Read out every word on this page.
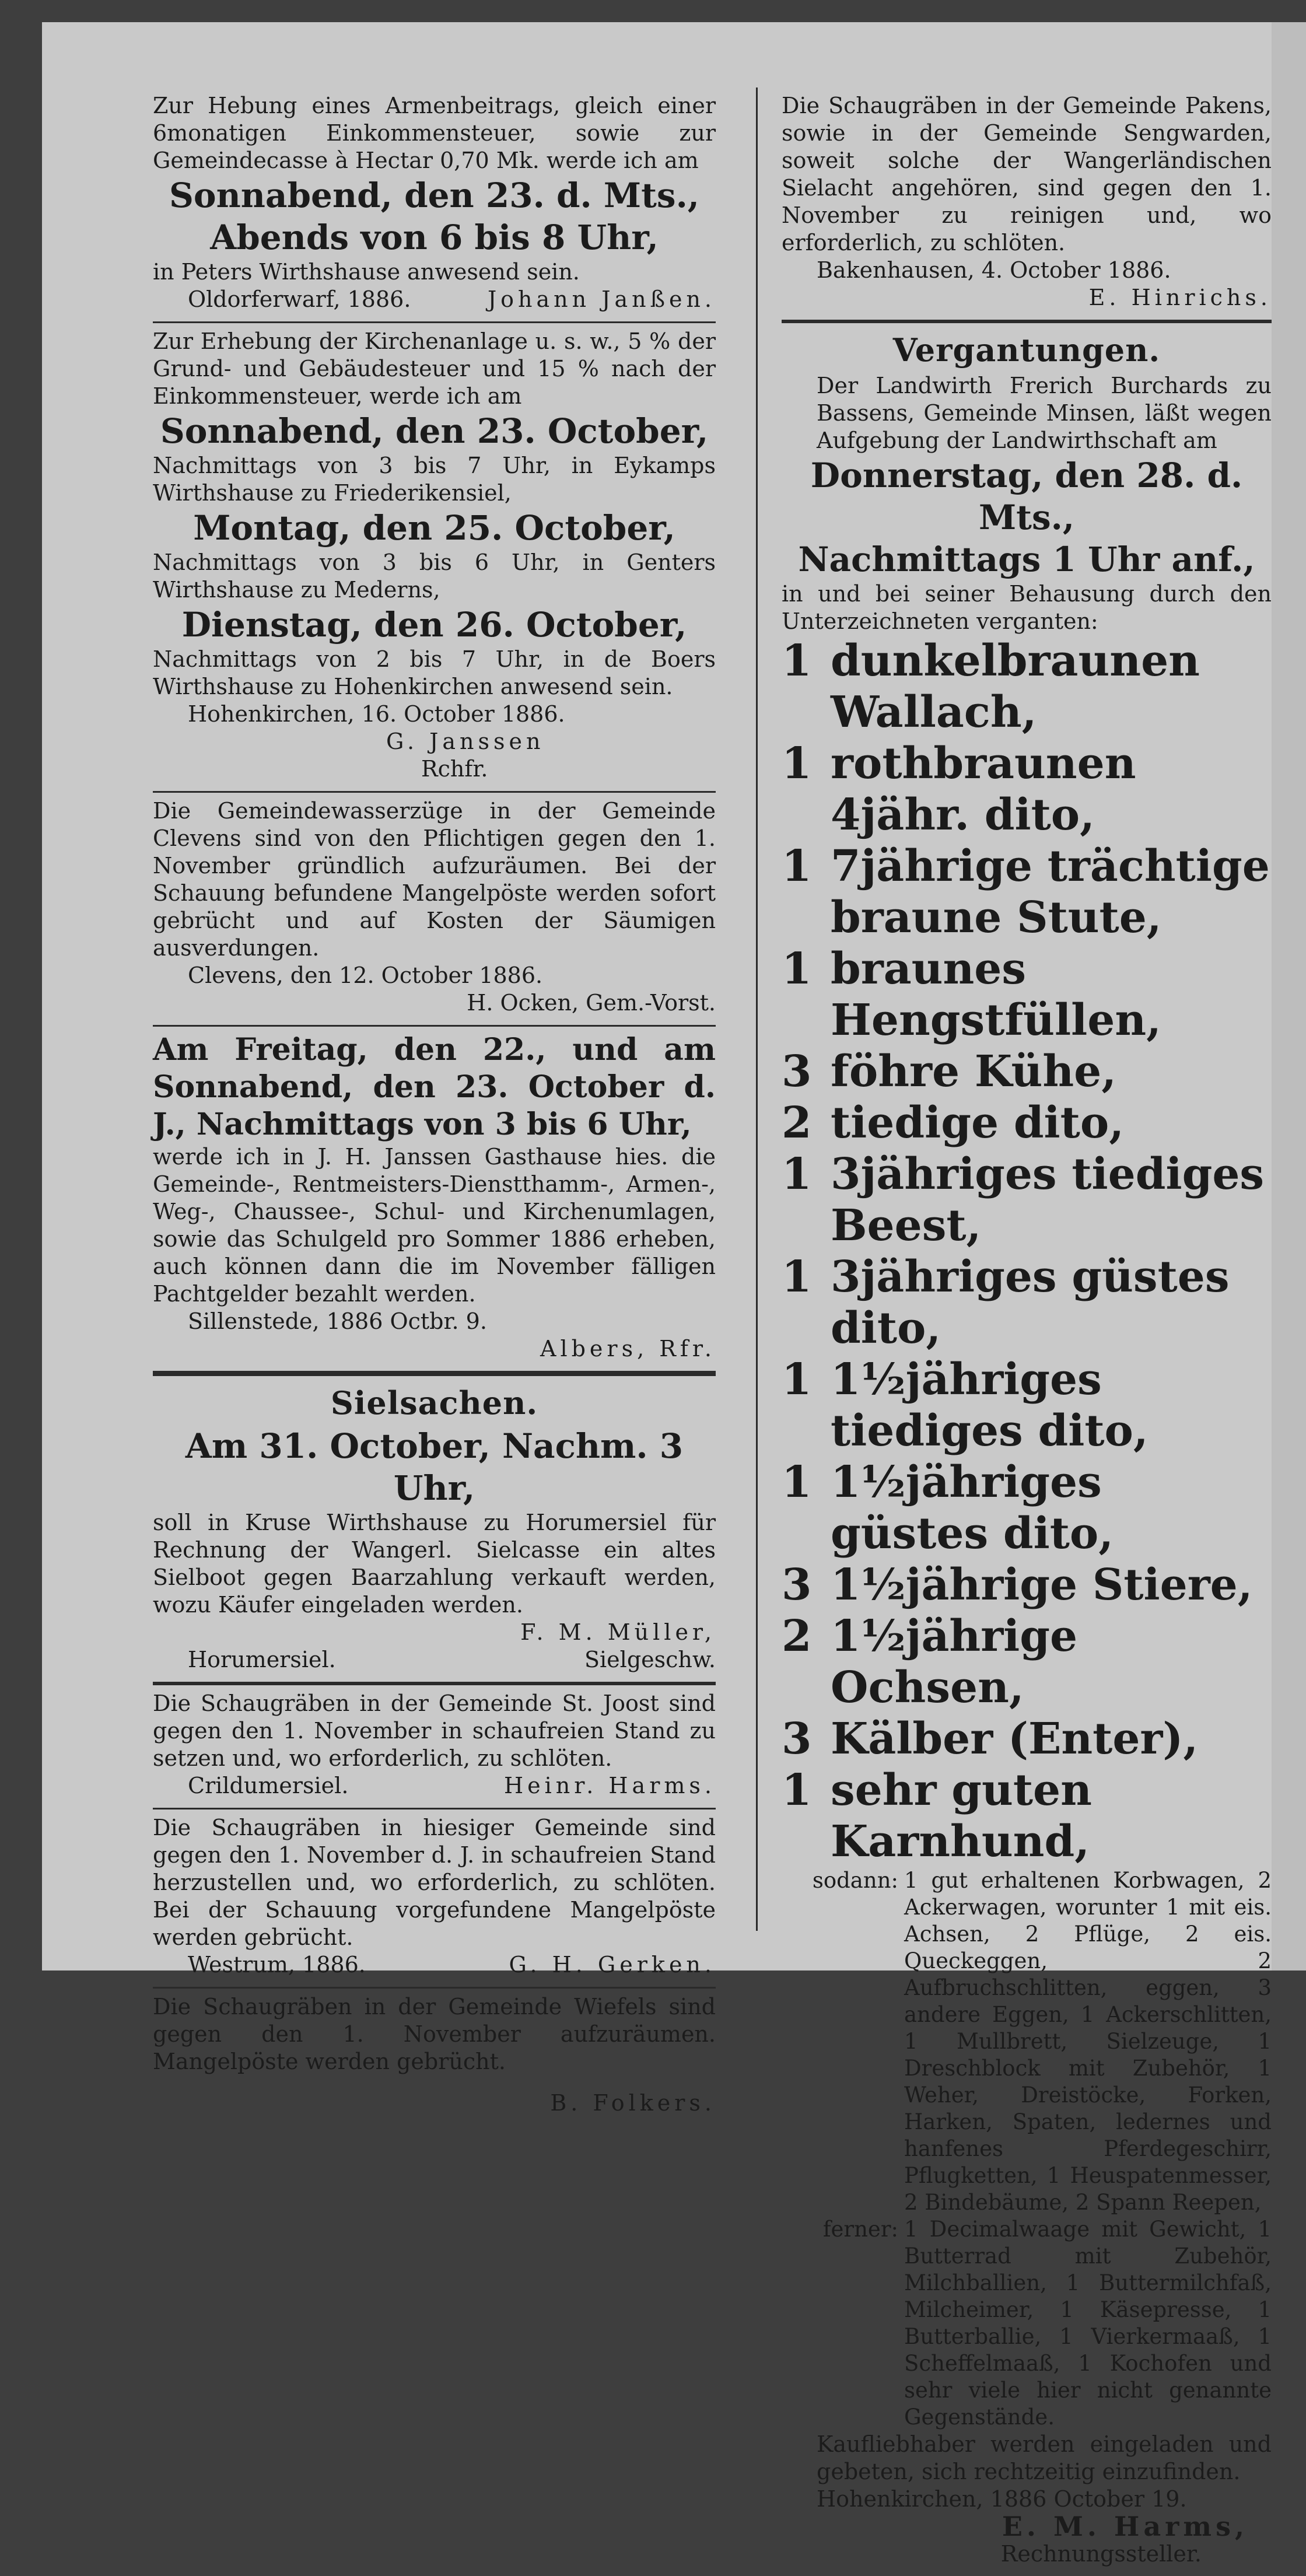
Zur Hebung eines Armenbeitrags, gleich einer 6monatigen Einkommensteuer, sowie zur Gemeindecasse à Hectar 0,70 Mk. werde ich am

Sonnabend, den 23. d. Mts.,
Abends von 6 bis 8 Uhr,

in Peters Wirthshause anwesend sein.

Oldorferwarf, 1886.	Johann Janßen.

Zur Erhebung der Kirchenanlage u. s. w., 5 % der Grund- und Gebäudesteuer und 15 % nach der Einkommensteuer, werde ich am

Sonnabend, den 23. October,

Nachmittags von 3 bis 7 Uhr, in Eykamps Wirthshause zu Friederikensiel,

Montag, den 25. October,

Nachmittags von 3 bis 6 Uhr, in Genters Wirthshause zu Mederns,

Dienstag, den 26. October,

Nachmittags von 2 bis 7 Uhr, in de Boers Wirthshause zu Hohenkirchen anwesend sein.

Hohenkirchen, 16. October 1886.

G. Janssen

Rchfr.

Die Gemeindewasserzüge in der Gemeinde Clevens sind von den Pflichtigen gegen den 1. November gründlich aufzuräumen. Bei der Schauung befundene Mangelpöste werden sofort gebrücht und auf Kosten der Säumigen ausverdungen.

Clevens, den 12. October 1886.

H. Ocken, Gem.-Vorst.

Am Freitag, den 22., und am Sonnabend, den 23. October d. J., Nachmittags von 3 bis 6 Uhr,

werde ich in J. H. Janssen Gasthause hies. die Gemeinde-, Rentmeisters-Dienstthamm-, Armen-, Weg-, Chaussee-, Schul- und Kirchenumlagen, sowie das Schulgeld pro Sommer 1886 erheben, auch können dann die im November fälligen Pachtgelder bezahlt werden.

Sillenstede, 1886 Octbr. 9.

Albers, Rfr.

Sielsachen.
Am 31. October, Nachm. 3 Uhr,

soll in Kruse Wirthshause zu Horumersiel für Rechnung der Wangerl. Sielcasse ein altes Sielboot gegen Baarzahlung verkauft werden, wozu Käufer eingeladen werden.

F. M. Müller,

Horumersiel.	Sielgeschw.

Die Schaugräben in der Gemeinde St. Joost sind gegen den 1. November in schaufreien Stand zu setzen und, wo erforderlich, zu schlöten.

Crildumersiel.	Heinr. Harms.

Die Schaugräben in hiesiger Gemeinde sind gegen den 1. November d. J. in schaufreien Stand herzustellen und, wo erforderlich, zu schlöten. Bei der Schauung vorgefundene Mangelpöste werden gebrücht.

Westrum, 1886.	G. H. Gerken.

Die Schaugräben in der Gemeinde Wiefels sind gegen den 1. November aufzuräumen. Mangelpöste werden gebrücht.

B. Folkers.

Die Schaugräben in der Gemeinde Pakens, sowie in der Gemeinde Sengwarden, soweit solche der Wangerländischen Sielacht angehören, sind gegen den 1. November zu reinigen und, wo erforderlich, zu schlöten.

Bakenhausen, 4. October 1886.

E. Hinrichs.

Vergantungen.

Der Landwirth Frerich Burchards zu Bassens, Gemeinde Minsen, läßt wegen Aufgebung der Landwirthschaft am

Donnerstag, den 28. d. Mts.,
Nachmittags 1 Uhr anf.,

in und bei seiner Behausung durch den Unterzeichneten verganten:

1 dunkelbraunen Wallach,
1 rothbraunen 4jähr. dito,
1 7jährige trächtige braune Stute,
1 braunes Hengstfüllen,
3 föhre Kühe,
2 tiedige dito,
1 3jähriges tiediges Beest,
1 3jähriges güstes dito,
1 1½jähriges tiediges dito,
1 1½jähriges güstes dito,
3 1½jährige Stiere,
2 1½jährige Ochsen,
3 Kälber (Enter),
1 sehr guten Karnhund,
sodann: 1 gut erhaltenen Korbwagen, 2 Ackerwagen, worunter 1 mit eis. Achsen, 2 Pflüge, 2 eis. Queckeggen, 2 Aufbruchschlitten, eggen, 3 andere Eggen, 1 Ackerschlitten, 1 Mullbrett, Sielzeuge, 1 Dreschblock mit Zubehör, 1 Weher, Dreistöcke, Forken, Harken, Spaten, ledernes und hanfenes Pferdegeschirr, Pflugketten, 1 Heuspatenmesser, 2 Bindebäume, 2 Spann Reepen,
ferner: 1 Decimalwaage mit Gewicht, 1 Butterrad mit Zubehör, Milchballien, 1 Buttermilchfaß, Milcheimer, 1 Käsepresse, 1 Butterballie, 1 Vierkermaaß, 1 Scheffelmaaß, 1 Kochofen und sehr viele hier nicht genannte Gegenstände.

Kaufliebhaber werden eingeladen und gebeten, sich rechtzeitig einzufinden.

Hohenkirchen, 1886 October 19.

E. M. Harms,

Rechnungssteller.
